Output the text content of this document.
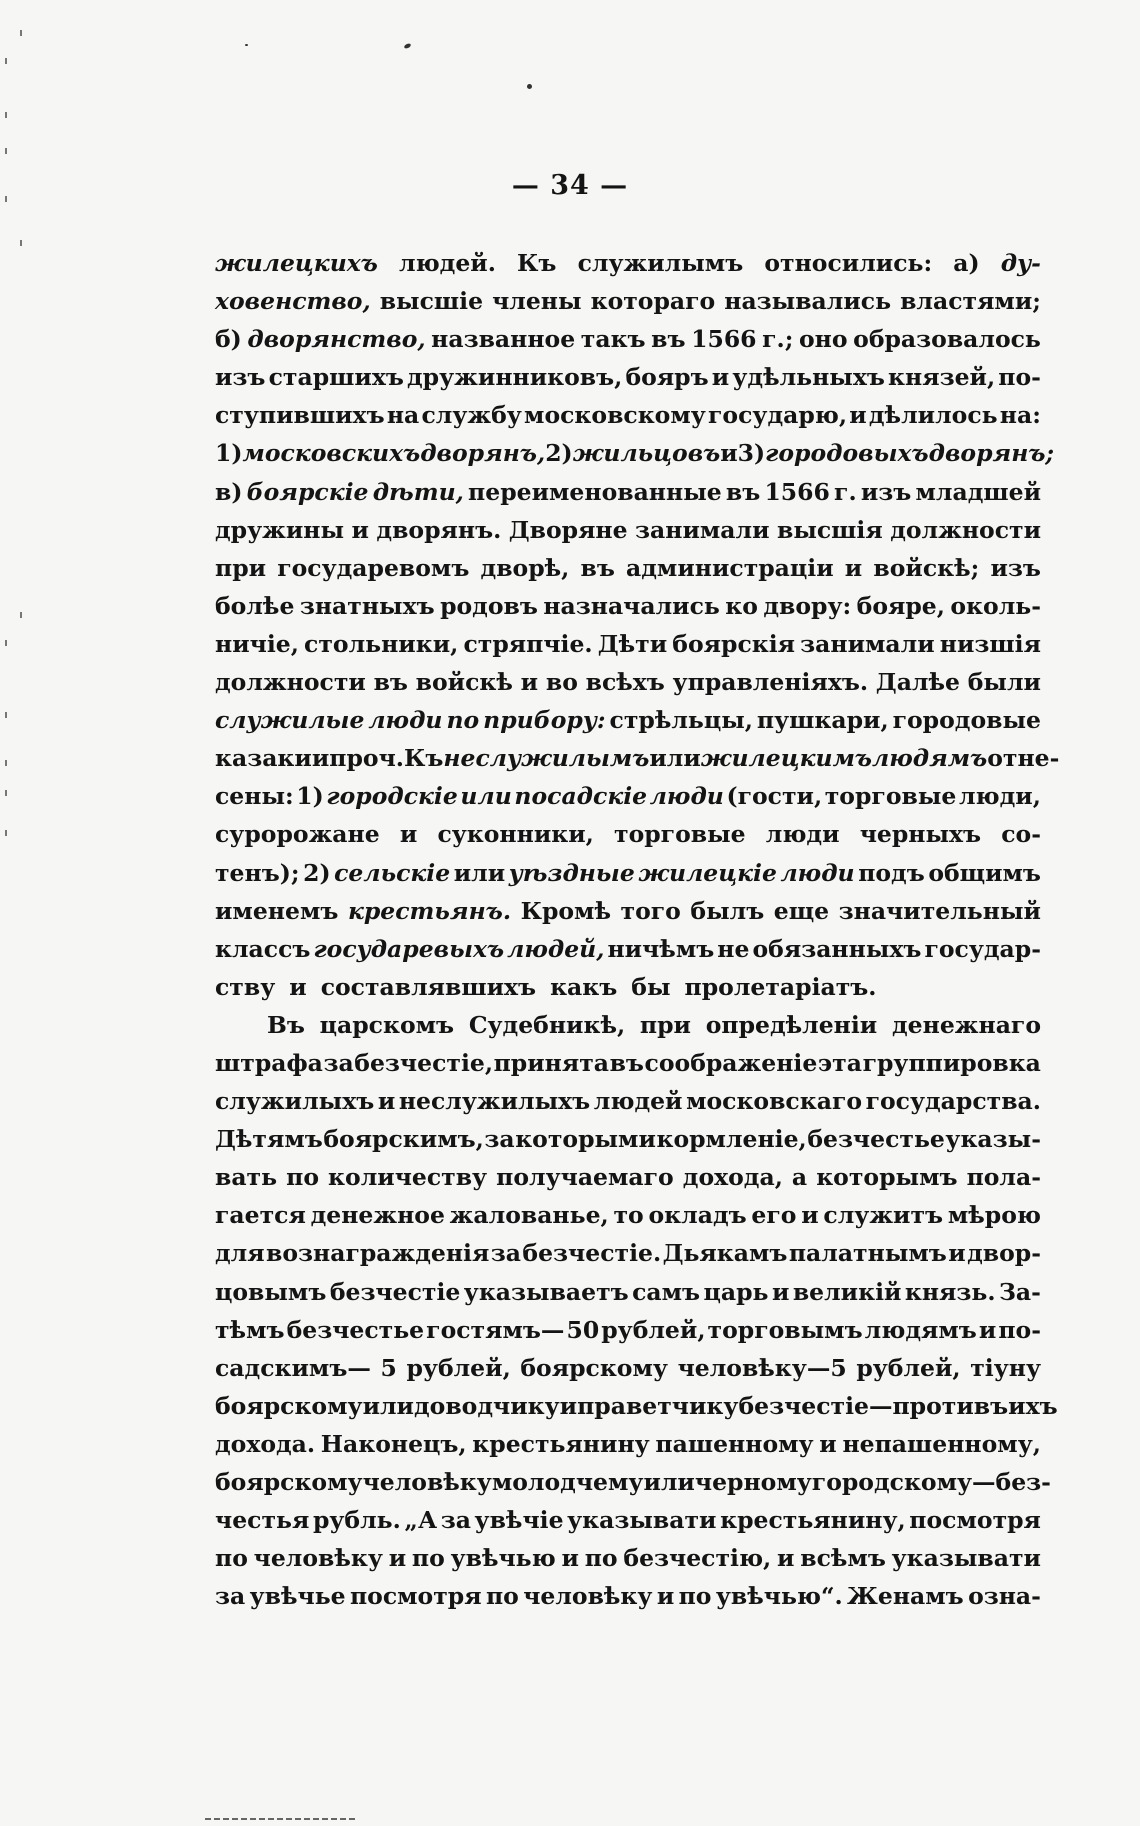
— 34 —
жилецкихъ людей. Къ служилымъ относились: а) ду-
ховенство, высшіе члены котораго назывались властями;
б) дворянство, названное такъ въ 1566 г.; оно образовалось
изъ старшихъ дружинниковъ, бояръ и удѣльныхъ князей, по-
ступившихъ на службу московскому государю, и дѣлилось на:
1) московскихъ дворянъ, 2) жильцовъ и 3) городовыхъ дворянъ;
в) боярскіе дѣти, переименованные въ 1566 г. изъ младшей
дружины и дворянъ. Дворяне занимали высшія должности
при государевомъ дворѣ, въ администраціи и войскѣ; изъ
болѣе знатныхъ родовъ назначались ко двору: бояре, околь-
ничіе, стольники, стряпчіе. Дѣти боярскія занимали низшія
должности въ войскѣ и во всѣхъ управленіяхъ. Далѣе были
служилые люди по прибору: стрѣльцы, пушкари, городовые
казаки и проч. Къ неслужилымъ или жилецкимъ людямъ отне-
сены: 1) городскіе или посадскіе люди (гости, торговые люди,
суророжане и суконники, торговые люди черныхъ со-
тенъ); 2) сельскіе или уѣздные жилецкіе люди подъ общимъ
именемъ крестьянъ. Кромѣ того былъ еще значительный
классъ государевыхъ людей, ничѣмъ не обязанныхъ государ-
ству и составлявшихъ какъ бы пролетаріатъ.
Въ царскомъ Судебникѣ, при опредѣленіи денежнаго
штрафа за безчестіе, принята въ соображеніе эта группировка
служилыхъ и неслужилыхъ людей московскаго государства.
Дѣтямъ боярскимъ, за которыми кормленіе, безчестье указы-
вать по количеству получаемаго дохода, а которымъ пола-
гается денежное жалованье, то окладъ его и служитъ мѣрою
для вознагражденія за безчестіе. Дьякамъ палатнымъ и двор-
цовымъ безчестіе указываетъ самъ царь и великій князь. За-
тѣмъ безчестье гостямъ— 50 рублей, торговымъ людямъ и по-
садскимъ— 5 рублей, боярскому человѣку—5 рублей, тіуну
боярскому или доводчику и праветчику безчестіе—противъ ихъ
дохода. Наконецъ, крестьянину пашенному и непашенному,
боярскому человѣку молодчему или черному городскому—без-
честья рубль. „А за увѣчіе указывати крестьянину, посмотря
по человѣку и по увѣчью и по безчестію, и всѣмъ указывати
за увѣчье посмотря по человѣку и по увѣчью“. Женамъ озна-
